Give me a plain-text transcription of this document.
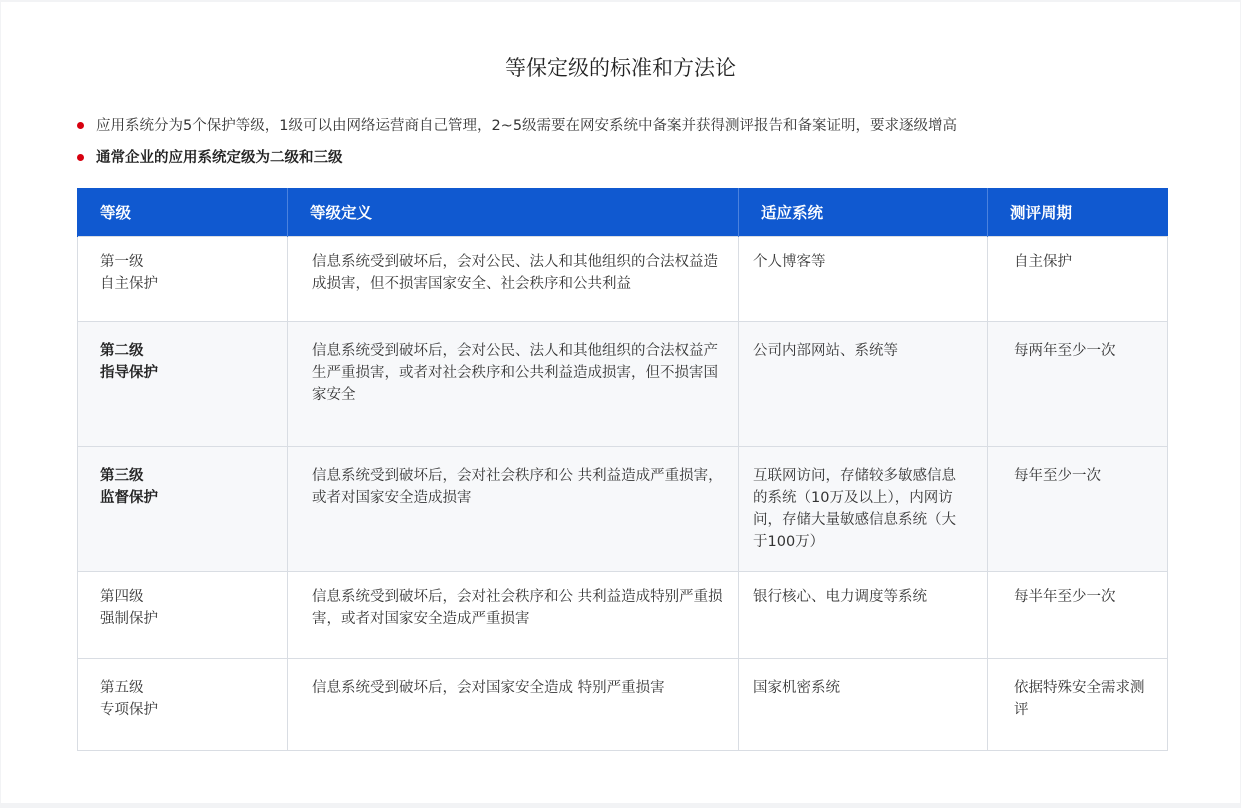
等保定级的标准和方法论
应用系统分为5个保护等级，1级可以由网络运营商自己管理，2~5级需要在网安系统中备案并获得测评报告和备案证明，要求逐级增高
通常企业的应用系统定级为二级和三级
等级	等级定义	适应系统	测评周期

第一级
自主保护	信息系统受到破坏后，会对公民、法人和其他组织的合法权益造成损害，但不损害国家安全、社会秩序和公共利益	个人博客等	自主保护

第二级
指导保护	信息系统受到破坏后，会对公民、法人和其他组织的合法权益产生严重损害，或者对社会秩序和公共利益造成损害，但不损害国家安全	公司内部网站、系统等	每两年至少一次

第三级
监督保护	信息系统受到破坏后，会对社会秩序和公 共利益造成严重损害，或者对国家安全造成损害	互联网访问，存储较多敏感信息的系统（10万及以上），内网访问，存储大量敏感信息系统（大于100万）	每年至少一次

第四级
强制保护	信息系统受到破坏后，会对社会秩序和公 共利益造成特别严重损害，或者对国家安全造成严重损害	银行核心、电力调度等系统	每半年至少一次

第五级
专项保护	信息系统受到破坏后，会对国家安全造成 特别严重损害	国家机密系统	依据特殊安全需求测评
